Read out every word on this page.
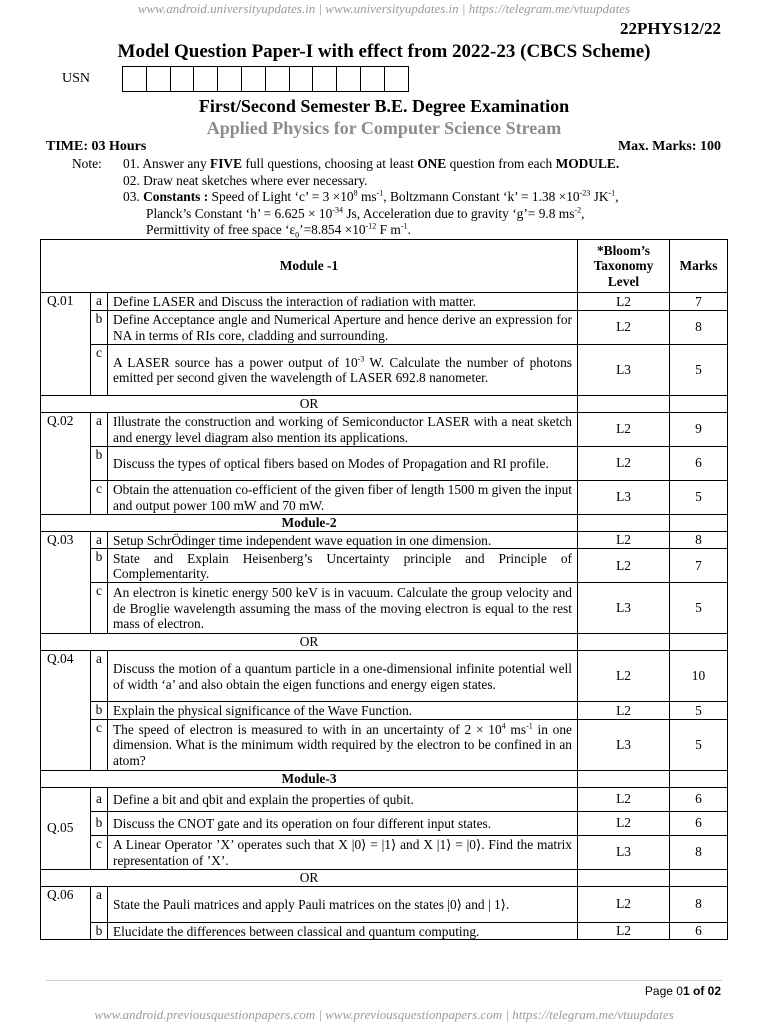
www.android.universityupdates.in | www.universityupdates.in | https://telegram.me/vtuupdates
22PHYS12/22
Model Question Paper-I with effect from 2022-23 (CBCS Scheme)
USN
First/Second Semester B.E. Degree Examination
Applied Physics for Computer Science Stream
TIME: 03 Hours	Max. Marks: 100
Note:	01. Answer any FIVE full questions, choosing at least ONE question from each MODULE.
02. Draw neat sketches where ever necessary.
03. Constants : Speed of Light ‘c’ = $3 \times 10^8$ $ms^{-1}$, Boltzmann Constant ‘k’ = $1.38 \times 10^{-23}$ $JK^{-1}$,
Planck’s Constant ‘h’ = $6.625 \times 10^{-34}$ Js, Acceleration due to gravity ‘g’= 9.8 $ms^{-2}$,
Permittivity of free space ‘$\varepsilon_0’=8.854 \times 10^{-12}$ F $m^{-1}$.
Module -1			*Bloom’s Taxonomy Level	Marks
Q.01	a	Define LASER and Discuss the interaction of radiation with matter.	L2	7
	b	Define Acceptance angle and Numerical Aperture and hence derive an expression for NA in terms of RIs core, cladding and surrounding.	L2	8
	c	A LASER source has a power output of $10^{-3}$ W. Calculate the number of photons emitted per second given the wavelength of LASER 692.8 nanometer.	L3	5
OR				
Q.02	a	Illustrate the construction and working of Semiconductor LASER with a neat sketch and energy level diagram also mention its applications.	L2	9
	b	Discuss the types of optical fibers based on Modes of Propagation and RI profile.	L2	6
	c	Obtain the attenuation co-efficient of the given fiber of length 1500 m given the input and output power 100 mW and 70 mW.	L3	5
Module-2				
Q.03	a	Setup SchrÖdinger time independent wave equation in one dimension.	L2	8
	b	State and Explain Heisenberg’s Uncertainty principle and Principle of Complementarity.	L2	7
	c	An electron is kinetic energy 500 keV is in vacuum. Calculate the group velocity and de Broglie wavelength assuming the mass of the moving electron is equal to the rest mass of electron.	L3	5
OR				
Q.04	a	Discuss the motion of a quantum particle in a one-dimensional infinite potential well of width ‘a’ and also obtain the eigen functions and energy eigen states.	L2	10
	b	Explain the physical significance of the Wave Function.	L2	5
	c	The speed of electron is measured to with in an uncertainty of $2 \times 10^4$ $ms^{-1}$ in one dimension. What is the minimum width required by the electron to be confined in an atom?	L3	5
Module-3				
Q.05	a	Define a bit and qbit and explain the properties of qubit.	L2	6
	b	Discuss the CNOT gate and its operation on four different input states.	L2	6
	c	A Linear Operator ’X’ operates such that X |0⟩ = |1⟩ and X |1⟩ = |0⟩. Find the matrix representation of ’X’.	L3	8
OR				
Q.06	a	State the Pauli matrices and apply Pauli matrices on the states |0⟩ and | 1⟩.	L2	8
	b	Elucidate the differences between classical and quantum computing.	L2	6
Page 01 of 02
www.android.previousquestionpapers.com | www.previousquestionpapers.com | https://telegram.me/vtuupdates
